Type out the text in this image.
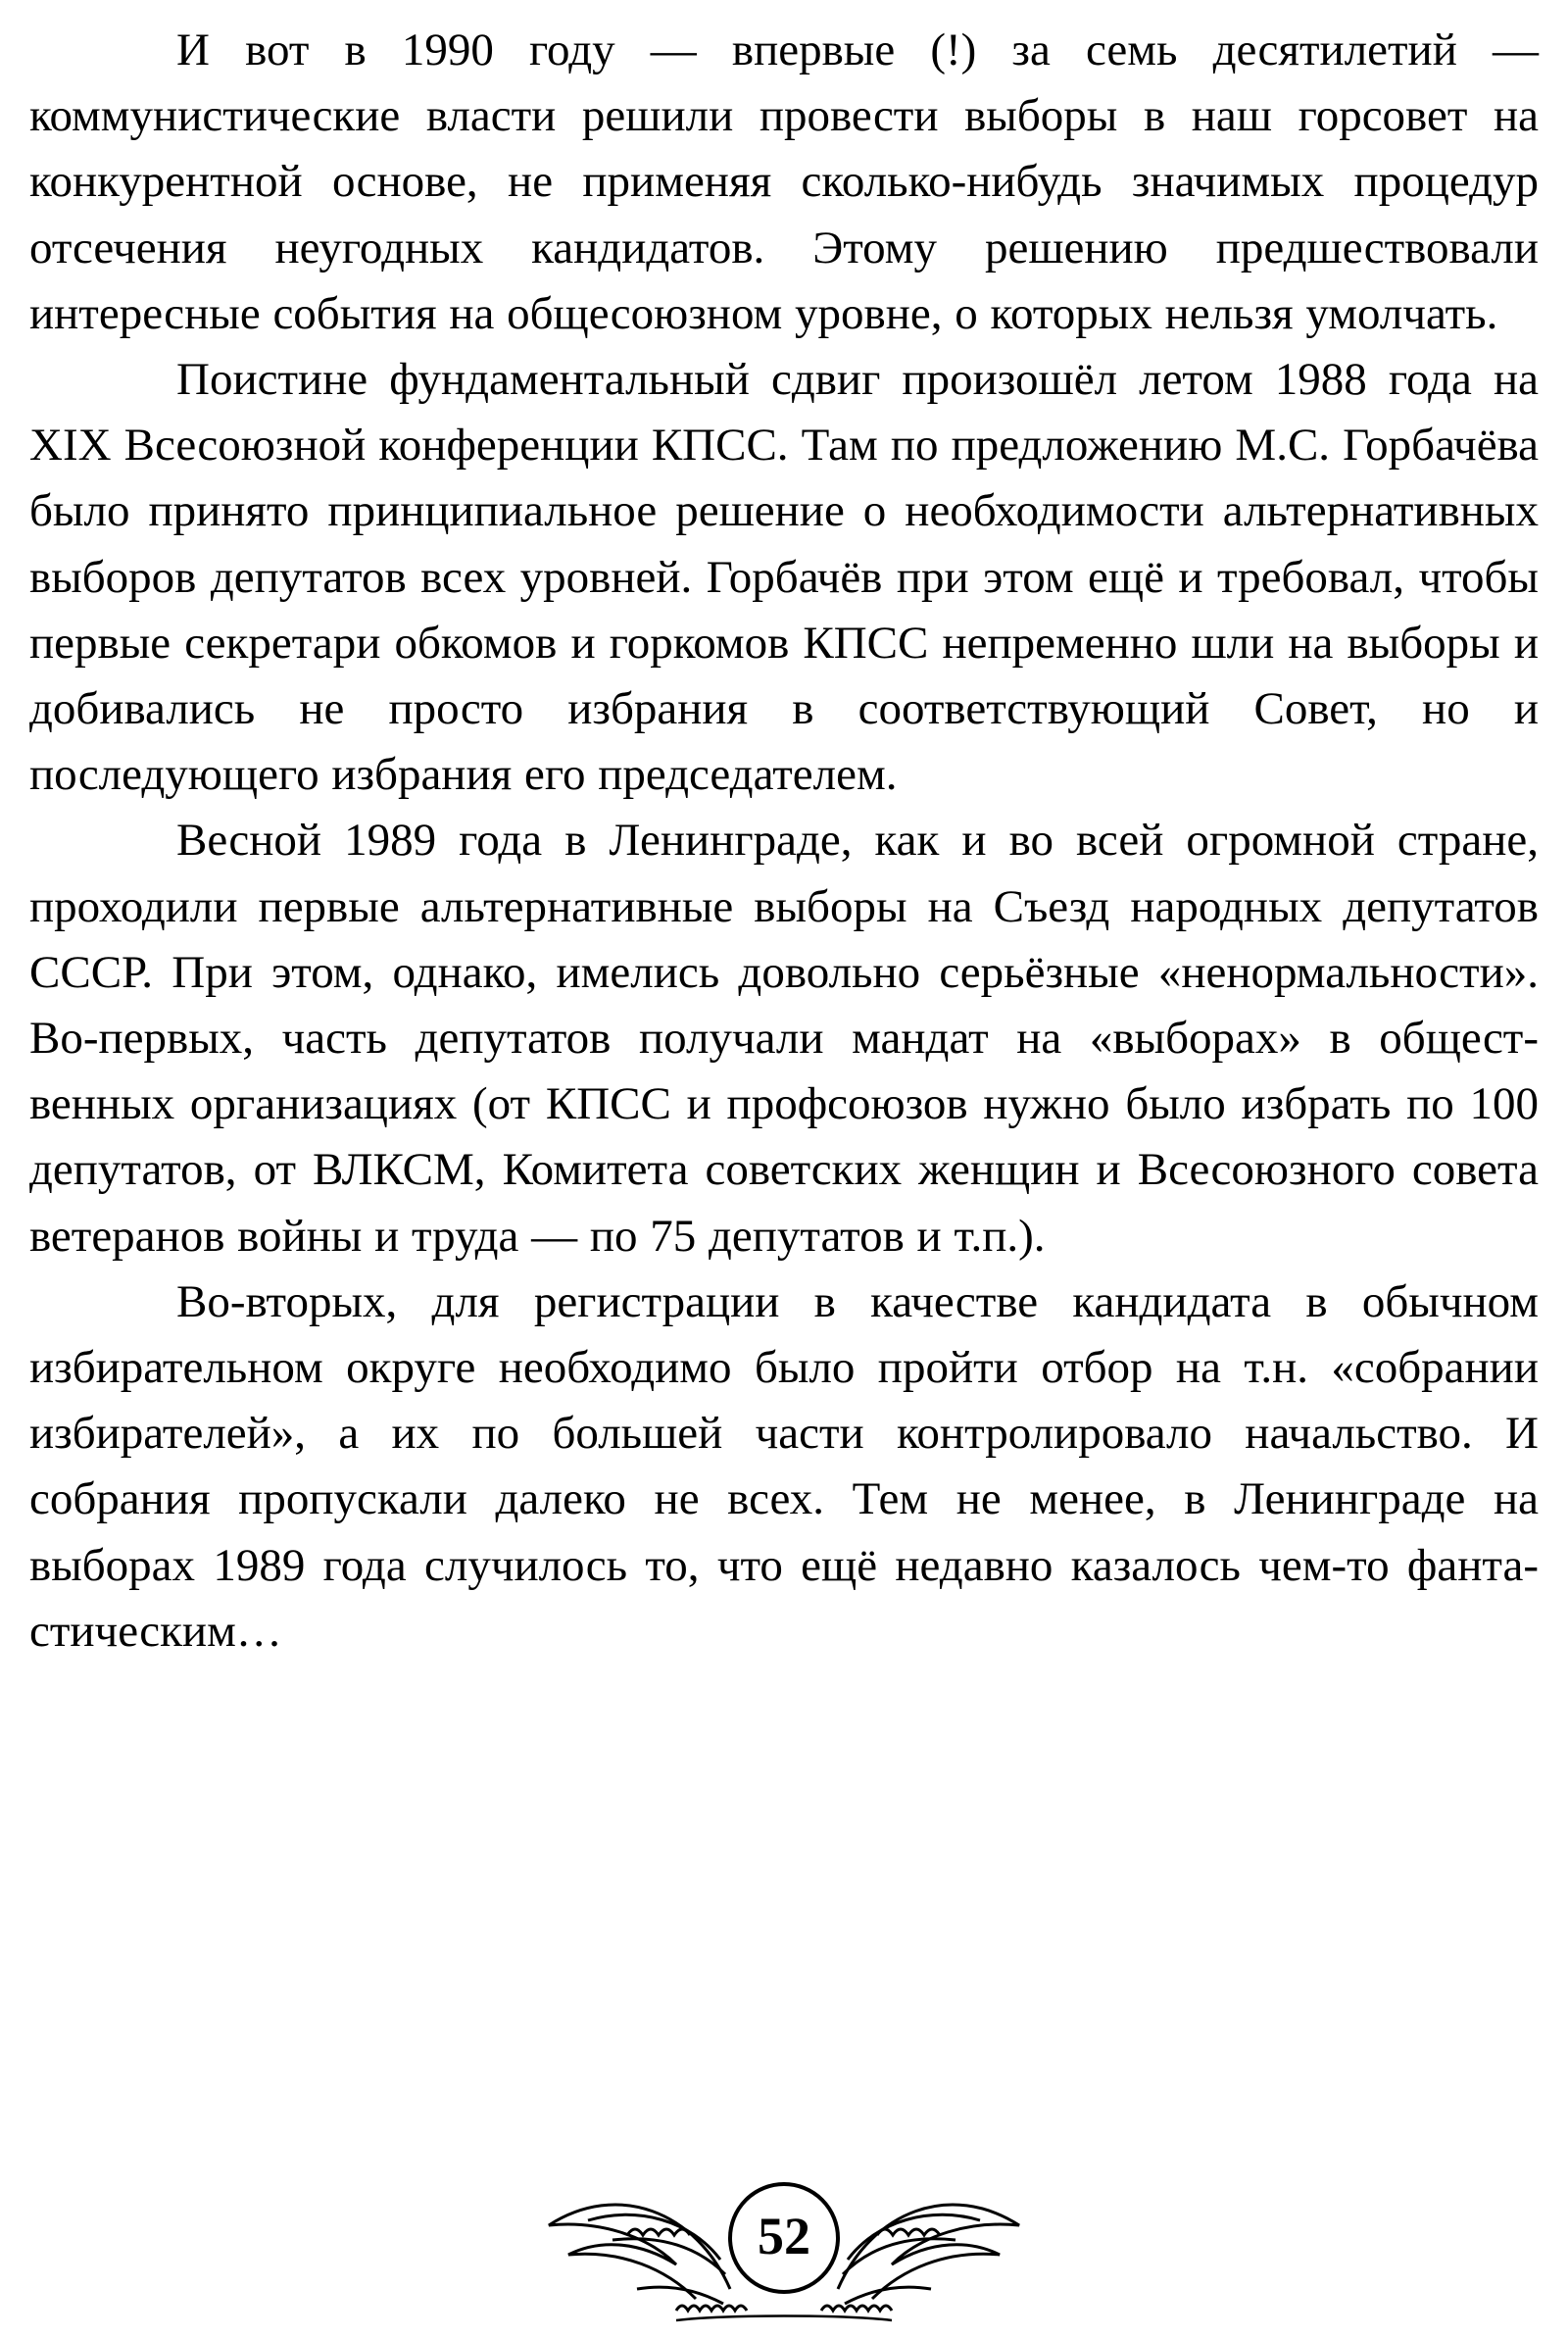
И вот в 1990 году — впервые (!) за семь десятилетий — коммунистические власти решили провести выборы в наш горсовет на конкурентной основе, не применяя сколько-нибудь значимых процедур отсечения неугодных кандидатов. Этому решению предшествовали интересные события на общесоюзном уровне, о которых нельзя умолчать.

Поистине фундаментальный сдвиг произошёл летом 1988 года на XIX Всесоюзной конференции КПСС. Там по предложению М.С. Горбачёва было принято принципиальное решение о необходимости альтернативных выборов депутатов всех уровней. Горбачёв при этом ещё и требовал, чтобы первые секретари обкомов и горкомов КПСС непременно шли на выборы и добивались не просто избрания в соответствующий Совет, но и последующего избрания его председателем.

Весной 1989 года в Ленинграде, как и во всей огромной стране, проходили первые альтернативные выборы на Съезд народных депутатов СССР. При этом, однако, имелись довольно серьёзные «ненормальности». Во-первых, часть депутатов получали мандат на «выборах» в общественных организациях (от КПСС и профсоюзов нужно было избрать по 100 депутатов, от ВЛКСМ, Комитета советских женщин и Всесоюзного совета ветеранов войны и труда — по 75 депутатов и т.п.).

Во-вторых, для регистрации в качестве кандидата в обычном избирательном округе необходимо было пройти отбор на т.н. «собрании избирателей», а их по большей части контролировало начальство. И собрания пропускали далеко не всех. Тем не менее, в Ленинграде на выборах 1989 года случилось то, что ещё недавно казалось чем-то фантастическим…

52
